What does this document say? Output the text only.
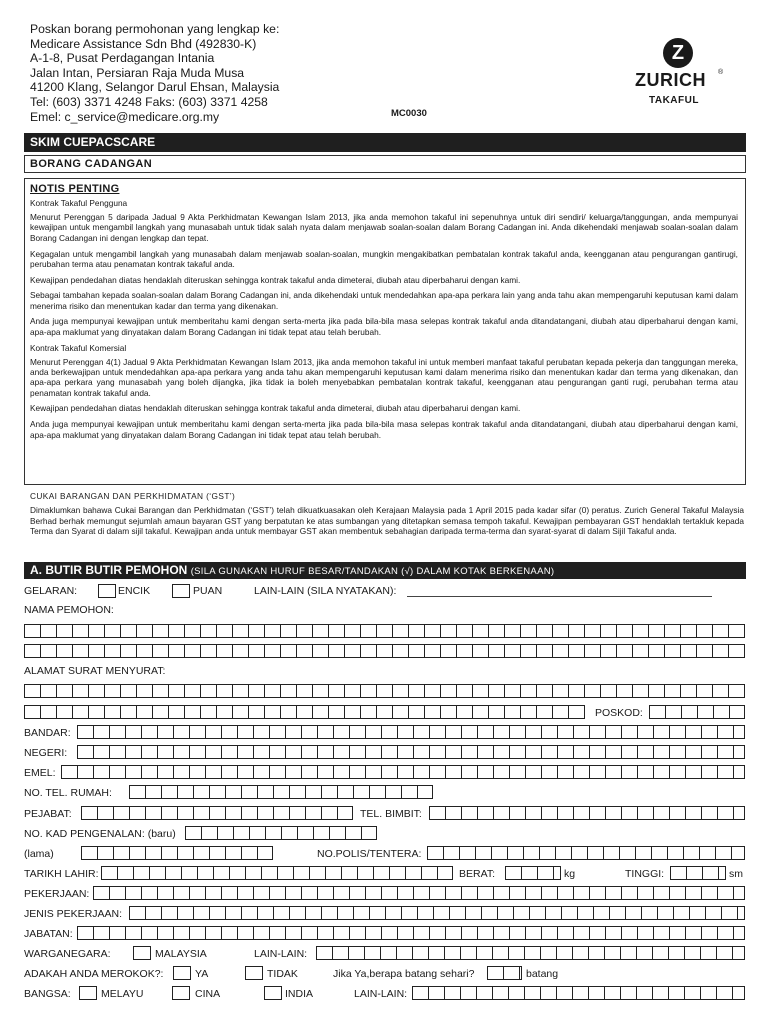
Poskan borang permohonan yang lengkap ke:
Medicare Assistance Sdn Bhd (492830-K)
A-1-8, Pusat Perdagangan Intania
Jalan Intan, Persiaran Raja Muda Musa
41200 Klang, Selangor Darul Ehsan, Malaysia
Tel: (603) 3371 4248 Faks: (603) 3371 4258
Emel: c_service@medicare.org.my	MC0030
Z
ZURICH ®
TAKAFUL
SKIM CUEPACSCARE
BORANG CADANGAN
NOTIS PENTING
Kontrak Takaful Pengguna

Menurut Perenggan 5 daripada Jadual 9 Akta Perkhidmatan Kewangan Islam 2013, jika anda memohon takaful ini sepenuhnya untuk diri sendiri/ keluarga/tanggungan, anda mempunyai kewajipan untuk mengambil langkah yang munasabah untuk tidak salah nyata dalam menjawab soalan-soalan dalam Borang Cadangan ini. Anda dikehendaki menjawab soalan-soalan dalam Borang Cadangan ini dengan lengkap dan tepat.

Kegagalan untuk mengambil langkah yang munasabah dalam menjawab soalan-soalan, mungkin mengakibatkan pembatalan kontrak takaful anda, keengganan atau pengurangan gantirugi, perubahan terma atau penamatan kontrak takaful anda.

Kewajipan pendedahan diatas hendaklah diteruskan sehingga kontrak takaful anda dimeterai, diubah atau diperbaharui dengan kami.

Sebagai tambahan kepada soalan-soalan dalam Borang Cadangan ini, anda dikehendaki untuk mendedahkan apa-apa perkara lain yang anda tahu akan mempengaruhi keputusan kami dalam menerima risiko dan menentukan kadar dan terma yang dikenakan.

Anda juga mempunyai kewajipan untuk memberitahu kami dengan serta-merta jika pada bila-bila masa selepas kontrak takaful anda ditandatangani, diubah atau diperbaharui dengan kami, apa-apa maklumat yang dinyatakan dalam Borang Cadangan ini tidak tepat atau telah berubah.

Kontrak Takaful Komersial

Menurut Perenggan 4(1) Jadual 9 Akta Perkhidmatan Kewangan Islam 2013, jika anda memohon takaful ini untuk memberi manfaat takaful perubatan kepada pekerja dan tanggungan mereka, anda berkewajipan untuk mendedahkan apa-apa perkara yang anda tahu akan mempengaruhi keputusan kami dalam menerima risiko dan menentukan kadar dan terma yang dikenakan, dan apa-apa perkara yang munasabah yang boleh dijangka, jika tidak ia boleh menyebabkan pembatalan kontrak takaful, keengganan atau pengurangan ganti rugi, perubahan terma atau penamatan kontrak takaful anda.

Kewajipan pendedahan diatas hendaklah diteruskan sehingga kontrak takaful anda dimeterai, diubah atau diperbaharui dengan kami.

Anda juga mempunyai kewajipan untuk memberitahu kami dengan serta-merta jika pada bila-bila masa selepas kontrak takaful anda ditandatangani, diubah atau diperbaharui dengan kami, apa-apa maklumat yang dinyatakan dalam Borang Cadangan ini tidak tepat atau telah berubah.

CUKAI BARANGAN DAN PERKHIDMATAN (‘GST’)

Dimaklumkan bahawa Cukai Barangan dan Perkhidmatan (‘GST’) telah dikuatkuasakan oleh Kerajaan Malaysia pada 1 April 2015 pada kadar sifar (0) peratus. Zurich General Takaful Malaysia Berhad berhak memungut sejumlah amaun bayaran GST yang berpatutan ke atas sumbangan yang ditetapkan semasa tempoh takaful. Kewajipan pembayaran GST hendaklah tertakluk kepada Terma dan Syarat di dalam sijil takaful. Kewajipan anda untuk membayar GST akan membentuk sebahagian daripada terma-terma dan syarat-syarat di dalam Sijil Takaful anda.

A. BUTIR BUTIR PEMOHON (SILA GUNAKAN HURUF BESAR/TANDAKAN (√) DALAM KOTAK BERKENAAN)
GELARAN:	ENCIK	PUAN	LAIN-LAIN (SILA NYATAKAN):
NAMA PEMOHON:
ALAMAT SURAT MENYURAT:
POSKOD:
BANDAR:
NEGERI:
EMEL:
NO. TEL. RUMAH:
PEJABAT:	TEL. BIMBIT:
NO. KAD PENGENALAN: (baru)
(lama)	NO.POLIS/TENTERA:
TARIKH LAHIR:	BERAT:	kg	TINGGI:	sm
PEKERJAAN:
JENIS PEKERJAAN:
JABATAN:
WARGANEGARA:	MALAYSIA	LAIN-LAIN:
ADAKAH ANDA MEROKOK?:	YA	TIDAK	Jika Ya,berapa batang sehari?	batang
BANGSA:	MELAYU	CINA	INDIA	LAIN-LAIN:
